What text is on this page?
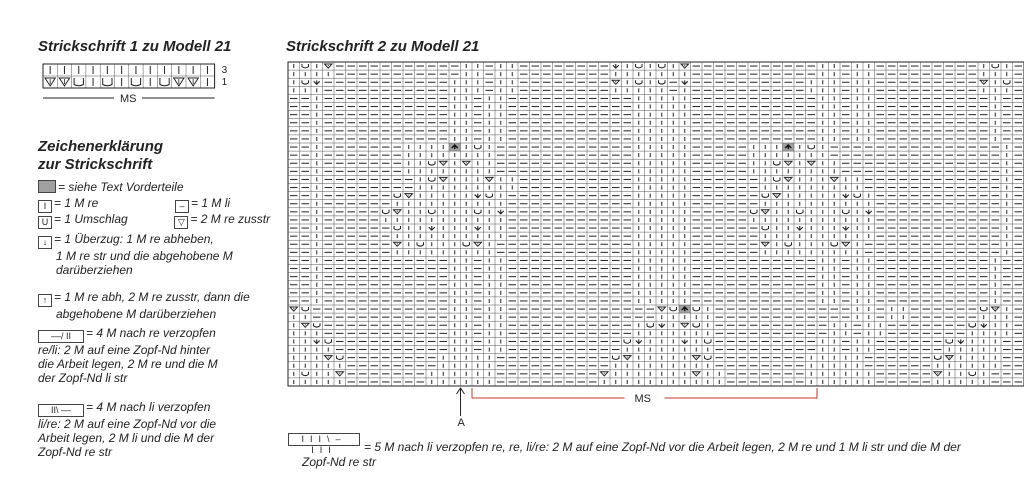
Strickschrift 1 zu Modell 21
3
1
MS
Zeichenerklärung
zur Strickschrift
= siehe Text Vorderteile
I = 1 M re	– = 1 M li
U = 1 Umschlag	▽ = 2 M re zusstr
↓ = 1 Überzug: 1 M re abheben,
1 M re str und die abgehobene M
darüberziehen
↑ = 1 M re abh, 2 M re zusstr, dann die
abgehobene M darüberziehen
––/ II = 4 M nach re verzopfen
re/li: 2 M auf eine Zopf-Nd hinter
die Arbeit legen, 2 M re und die M
der Zopf-Nd li str
II\ –– = 4 M nach li verzopfen
li/re: 2 M auf eine Zopf-Nd vor die
Arbeit legen, 2 M li und die M der
Zopf-Nd re str
Strickschrift 2 zu Modell 21
MS
A
III\–III = 5 M nach li verzopfen re, re, li/re: 2 M auf eine Zopf-Nd vor die Arbeit legen, 2 M re und 1 M li str und die M der
Zopf-Nd re str
